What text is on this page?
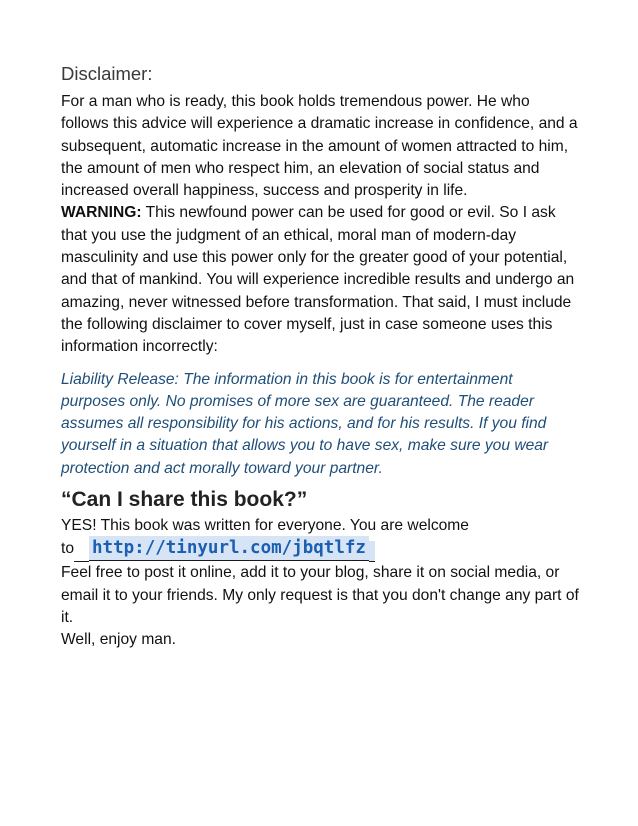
Disclaimer:

For a man who is ready, this book holds tremendous power. He who follows this advice will experience a dramatic increase in confidence, and a subsequent, automatic increase in the amount of women attracted to him, the amount of men who respect him, an elevation of social status and increased overall happiness, success and prosperity in life.

WARNING: This newfound power can be used for good or evil. So I ask that you use the judgment of an ethical, moral man of modern-day masculinity and use this power only for the greater good of your potential, and that of mankind. You will experience incredible results and undergo an amazing, never witnessed before transformation. That said, I must include the following disclaimer to cover myself, just in case someone uses this information incorrectly:

Liability Release: The information in this book is for entertainment purposes only. No promises of more sex are guaranteed. The reader assumes all responsibility for his actions, and for his results. If you find yourself in a situation that allows you to have sex, make sure you wear protection and act morally toward your partner.

“Can I share this book?”

YES! This book was written for everyone. You are welcome

to http://tinyurl.com/jbqtlfz

Feel free to post it online, add it to your blog, share it on social media, or email it to your friends. My only request is that you don't change any part of it.

Well, enjoy man.
